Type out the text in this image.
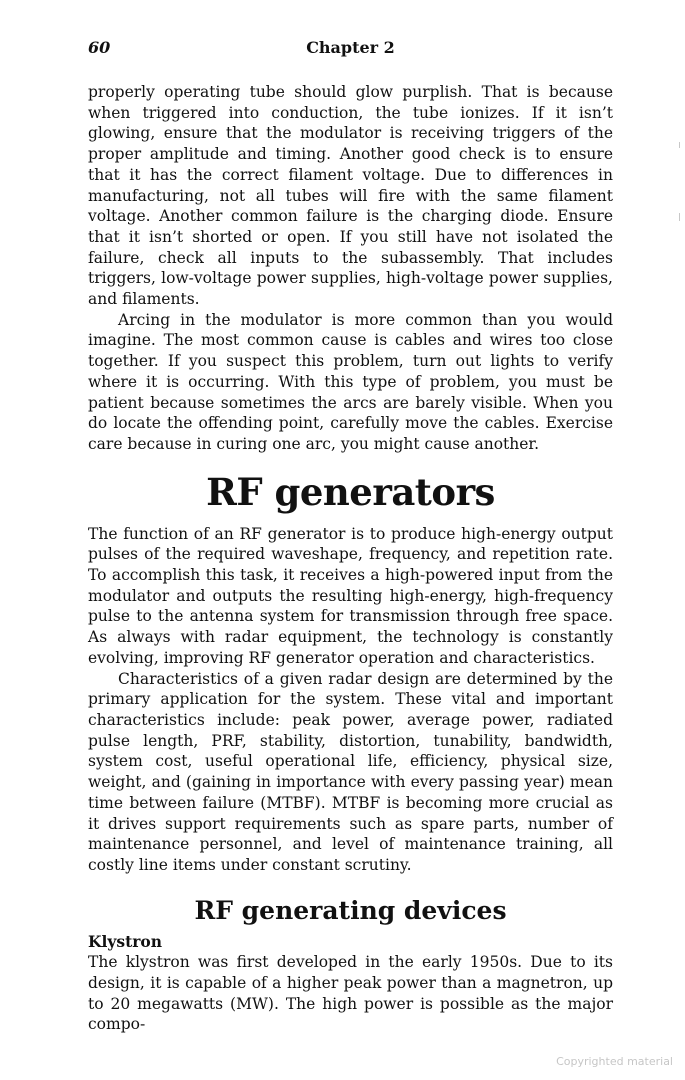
60	Chapter 2

properly operating tube should glow purplish. That is because when triggered into conduction, the tube ionizes. If it isn’t glowing, ensure that the modulator is receiving triggers of the proper amplitude and timing. Another good check is to ensure that it has the correct filament voltage. Due to differences in manufacturing, not all tubes will fire with the same filament voltage. Another common failure is the charging diode. Ensure that it isn’t shorted or open. If you still have not isolated the failure, check all inputs to the subassembly. That includes triggers, low-voltage power supplies, high-voltage power supplies, and filaments.

Arcing in the modulator is more common than you would imagine. The most common cause is cables and wires too close together. If you suspect this problem, turn out lights to verify where it is occurring. With this type of problem, you must be patient because sometimes the arcs are barely visible. When you do locate the offending point, carefully move the cables. Exercise care because in curing one arc, you might cause another.

RF generators

The function of an RF generator is to produce high-energy output pulses of the required waveshape, frequency, and repetition rate. To accomplish this task, it receives a high-powered input from the modulator and outputs the resulting high-energy, high-frequency pulse to the antenna system for transmission through free space. As always with radar equipment, the technology is constantly evolving, improving RF generator operation and characteristics.

Characteristics of a given radar design are determined by the primary application for the system. These vital and important characteristics include: peak power, average power, radiated pulse length, PRF, stability, distortion, tunability, bandwidth, system cost, useful operational life, efficiency, physical size, weight, and (gaining in importance with every passing year) mean time between failure (MTBF). MTBF is becoming more crucial as it drives support requirements such as spare parts, number of maintenance personnel, and level of maintenance training, all costly line items under constant scrutiny.

RF generating devices
Klystron

The klystron was first developed in the early 1950s. Due to its design, it is capable of a higher peak power than a magnetron, up to 20 megawatts (MW). The high power is possible as the major compo-

Copyrighted material
